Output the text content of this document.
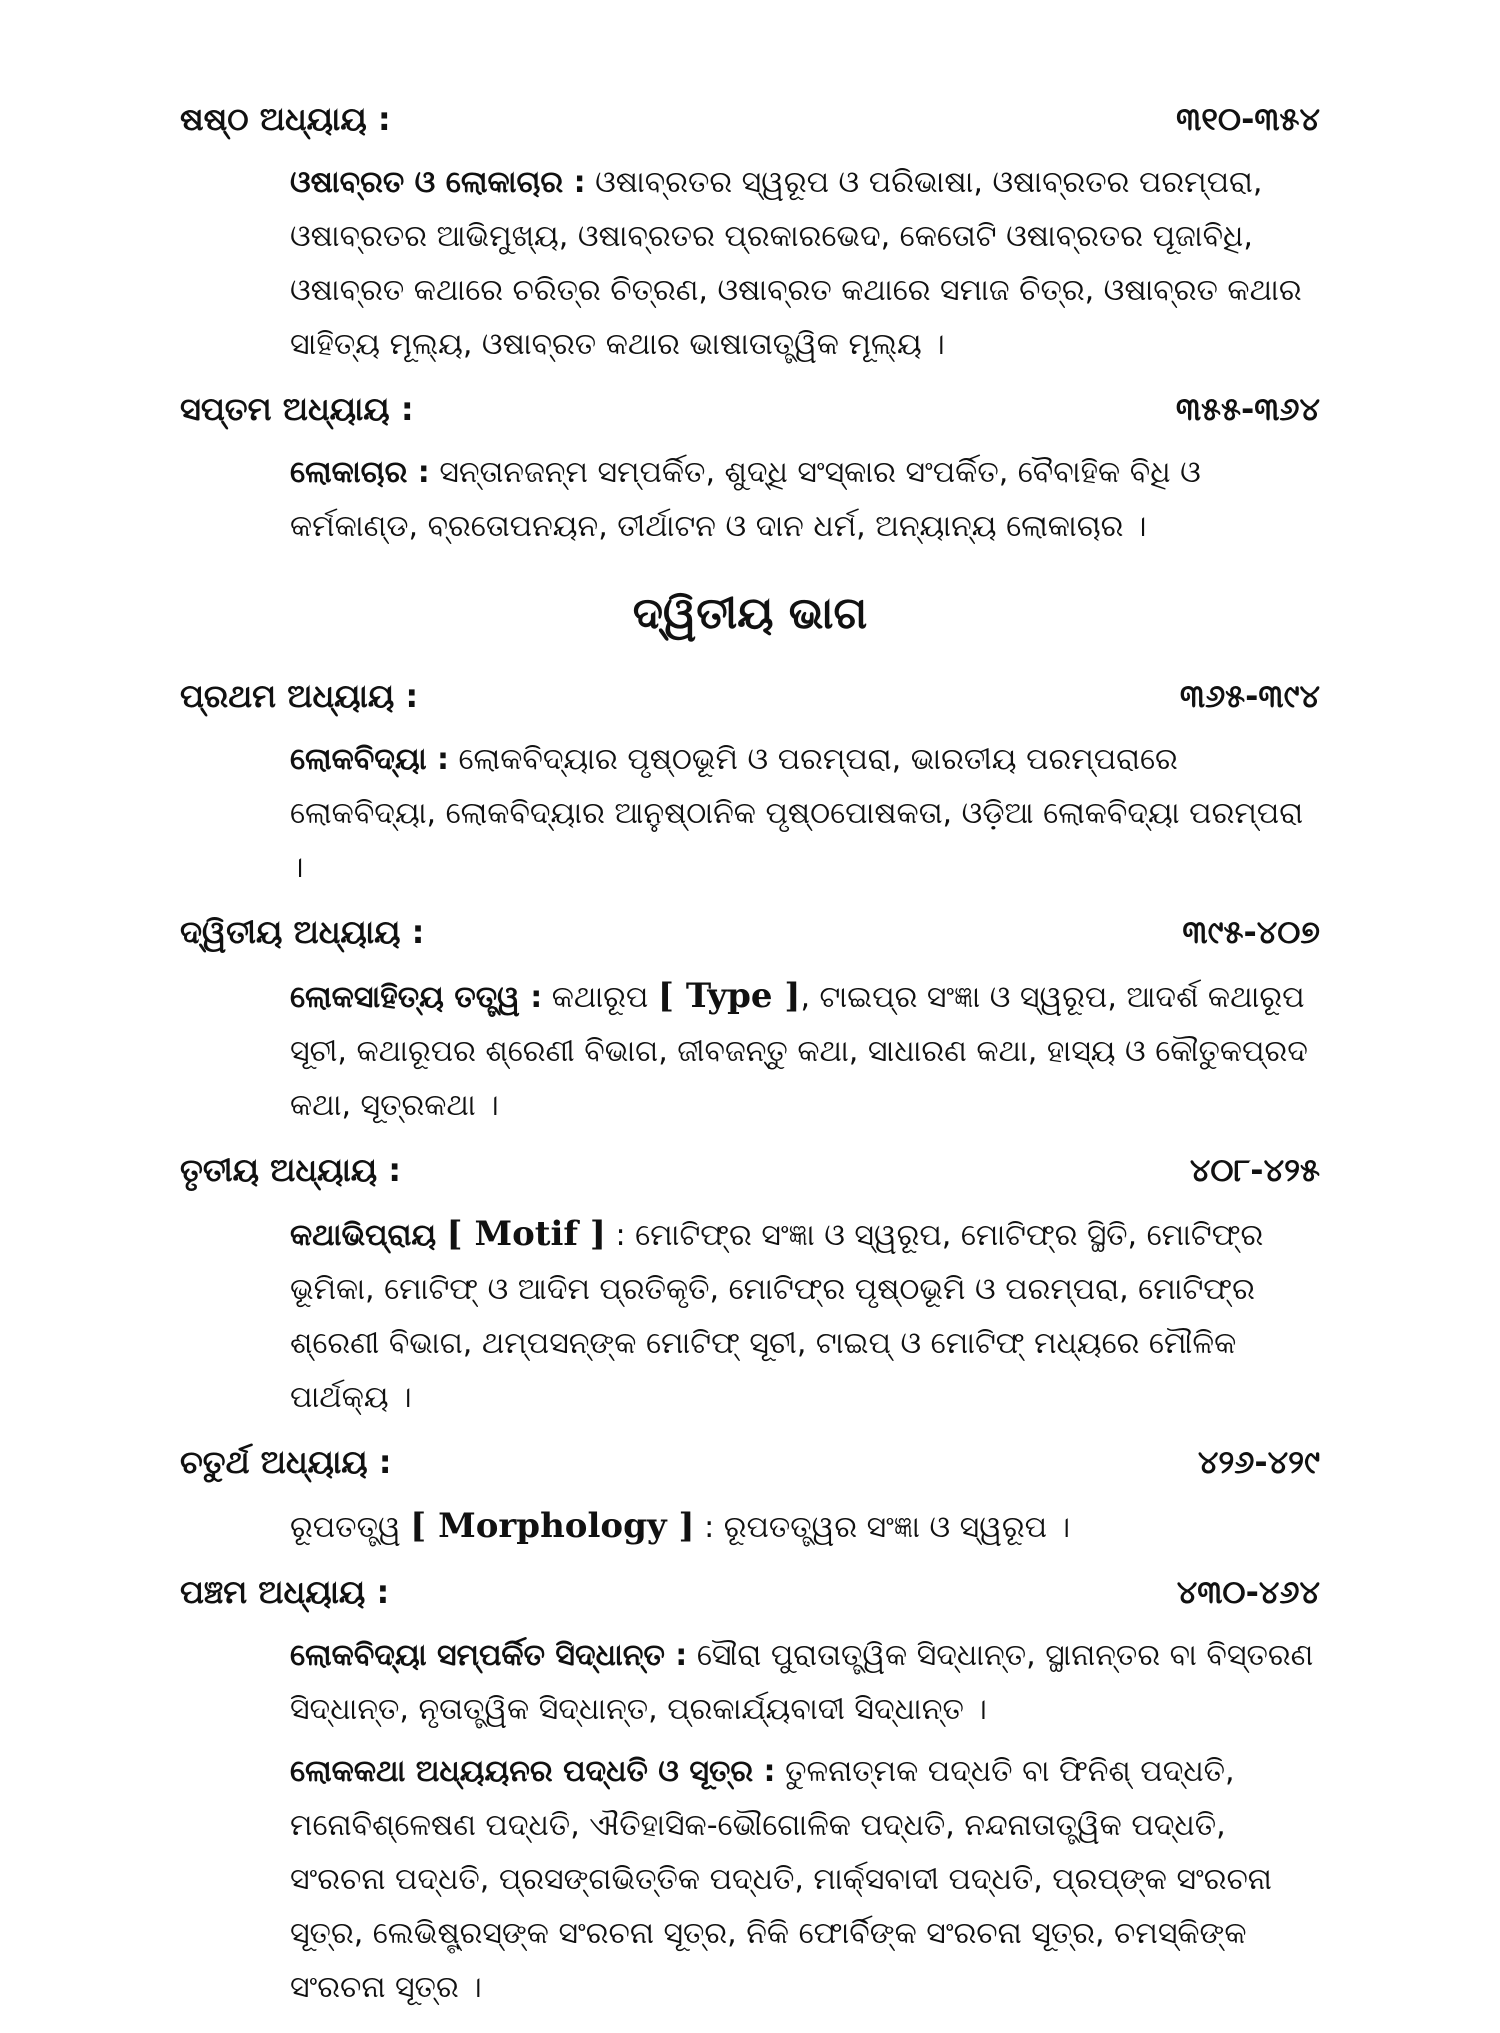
ଷଷ୍ଠ ଅଧ୍ୟାୟ :	୩୧୦-୩୫୪

ଓଷାବ୍ରତ ଓ ଲୋକାଚାର : ଓଷାବ୍ରତର ସ୍ୱରୂପ ଓ ପରିଭାଷା, ଓଷାବ୍ରତର ପରମ୍ପରା, ଓଷାବ୍ରତର ଆଭିମୁଖ୍ୟ, ଓଷାବ୍ରତର ପ୍ରକାରଭେଦ, କେତୋଟି ଓଷାବ୍ରତର ପୂଜାବିଧି, ଓଷାବ୍ରତ କଥାରେ ଚରିତ୍ର ଚିତ୍ରଣ, ଓଷାବ୍ରତ କଥାରେ ସମାଜ ଚିତ୍ର, ଓଷାବ୍ରତ କଥାର ସାହିତ୍ୟ ମୂଲ୍ୟ, ଓଷାବ୍ରତ କଥାର ଭାଷାତାତ୍ତ୍ୱିକ ମୂଲ୍ୟ ।

ସପ୍ତମ ଅଧ୍ୟାୟ :	୩୫୫-୩୬୪

ଲୋକାଚାର : ସନ୍ତାନଜନ୍ମ ସମ୍ପର୍କିତ, ଶୁଦ୍ଧି ସଂସ୍କାର ସଂପର୍କିତ, ବୈବାହିକ ବିଧି ଓ କର୍ମକାଣ୍ଡ, ବ୍ରତୋପନୟନ, ତୀର୍ଥାଟନ ଓ ଦାନ ଧର୍ମ, ଅନ୍ୟାନ୍ୟ ଲୋକାଚାର ।

ଦ୍ୱିତୀୟ ଭାଗ
ପ୍ରଥମ ଅଧ୍ୟାୟ :	୩୬୫-୩୯୪

ଲୋକବିଦ୍ୟା : ଲୋକବିଦ୍ୟାର ପୃଷ୍ଠଭୂମି ଓ ପରମ୍ପରା, ଭାରତୀୟ ପରମ୍ପରାରେ ଲୋକବିଦ୍ୟା, ଲୋକବିଦ୍ୟାର ଆନୁଷ୍ଠାନିକ ପୃଷ୍ଠପୋଷକତା, ଓଡ଼ିଆ ଲୋକବିଦ୍ୟା ପରମ୍ପରା ।

ଦ୍ୱିତୀୟ ଅଧ୍ୟାୟ :	୩୯୫-୪୦୭

ଲୋକସାହିତ୍ୟ ତତ୍ତ୍ୱ : କଥାରୂପ [ Type ], ଟାଇପ୍‌ର ସଂଜ୍ଞା ଓ ସ୍ୱରୂପ, ଆଦର୍ଶ କଥାରୂପ ସୂଚୀ, କଥାରୂପର ଶ୍ରେଣୀ ବିଭାଗ, ଜୀବଜନ୍ତୁ କଥା, ସାଧାରଣ କଥା, ହାସ୍ୟ ଓ କୌତୁକପ୍ରଦ କଥା, ସୂତ୍ରକଥା ।

ତୃତୀୟ ଅଧ୍ୟାୟ :	୪୦୮-୪୨୫

କଥାଭିପ୍ରାୟ [ Motif ] : ମୋଟିଫ୍‌ର ସଂଜ୍ଞା ଓ ସ୍ୱରୂପ, ମୋଟିଫ୍‌ର ସ୍ଥିତି, ମୋଟିଫ୍‌ର ଭୂମିକା, ମୋଟିଫ୍ ଓ ଆଦିମ ପ୍ରତିକୃତି, ମୋଟିଫ୍‌ର ପୃଷ୍ଠଭୂମି ଓ ପରମ୍ପରା, ମୋଟିଫ୍‌ର ଶ୍ରେଣୀ ବିଭାଗ, ଥମ୍ପସନ୍‌ଙ୍କ ମୋଟିଫ୍ ସୂଚୀ, ଟାଇପ୍ ଓ ମୋଟିଫ୍ ମଧ୍ୟରେ ମୌଳିକ ପାର୍ଥକ୍ୟ ।

ଚତୁର୍ଥ ଅଧ୍ୟାୟ :	୪୨୬-୪୨୯

ରୂପତତ୍ତ୍ୱ [ Morphology ] : ରୂପତତ୍ତ୍ୱର ସଂଜ୍ଞା ଓ ସ୍ୱରୂପ ।

ପଞ୍ଚମ ଅଧ୍ୟାୟ :	୪୩୦-୪୬୪

ଲୋକବିଦ୍ୟା ସମ୍ପର୍କିତ ସିଦ୍ଧାନ୍ତ : ସୌରା ପୁରାତାତ୍ତ୍ୱିକ ସିଦ୍ଧାନ୍ତ, ସ୍ଥାନାନ୍ତର ବା ବିସ୍ତରଣ ସିଦ୍ଧାନ୍ତ, ନୃତାତ୍ତ୍ୱିକ ସିଦ୍ଧାନ୍ତ, ପ୍ରକାର୍ଯ୍ୟବାଦୀ ସିଦ୍ଧାନ୍ତ ।

ଲୋକକଥା ଅଧ୍ୟୟନର ପଦ୍ଧତି ଓ ସୂତ୍ର : ତୁଳନାତ୍ମକ ପଦ୍ଧତି ବା ଫିନିଶ୍ ପଦ୍ଧତି, ମନୋବିଶ୍ଳେଷଣ ପଦ୍ଧତି, ଐତିହାସିକ-ଭୌଗୋଳିକ ପଦ୍ଧତି, ନନ୍ଦନାତାତ୍ତ୍ୱିକ ପଦ୍ଧତି, ସଂରଚନା ପଦ୍ଧତି, ପ୍ରସଙ୍ଗଭିତ୍ତିକ ପଦ୍ଧତି, ମାର୍କ୍ସବାଦୀ ପଦ୍ଧତି, ପ୍ରପ୍‌ଙ୍କ ସଂରଚନା ସୂତ୍ର, ଲେଭିଷ୍ଟ୍ରସ୍‌ଙ୍କ ସଂରଚନା ସୂତ୍ର, ନିକି ଫୋର୍ବିଙ୍କ ସଂରଚନା ସୂତ୍ର, ଚମସ୍କିଙ୍କ ସଂରଚନା ସୂତ୍ର ।
